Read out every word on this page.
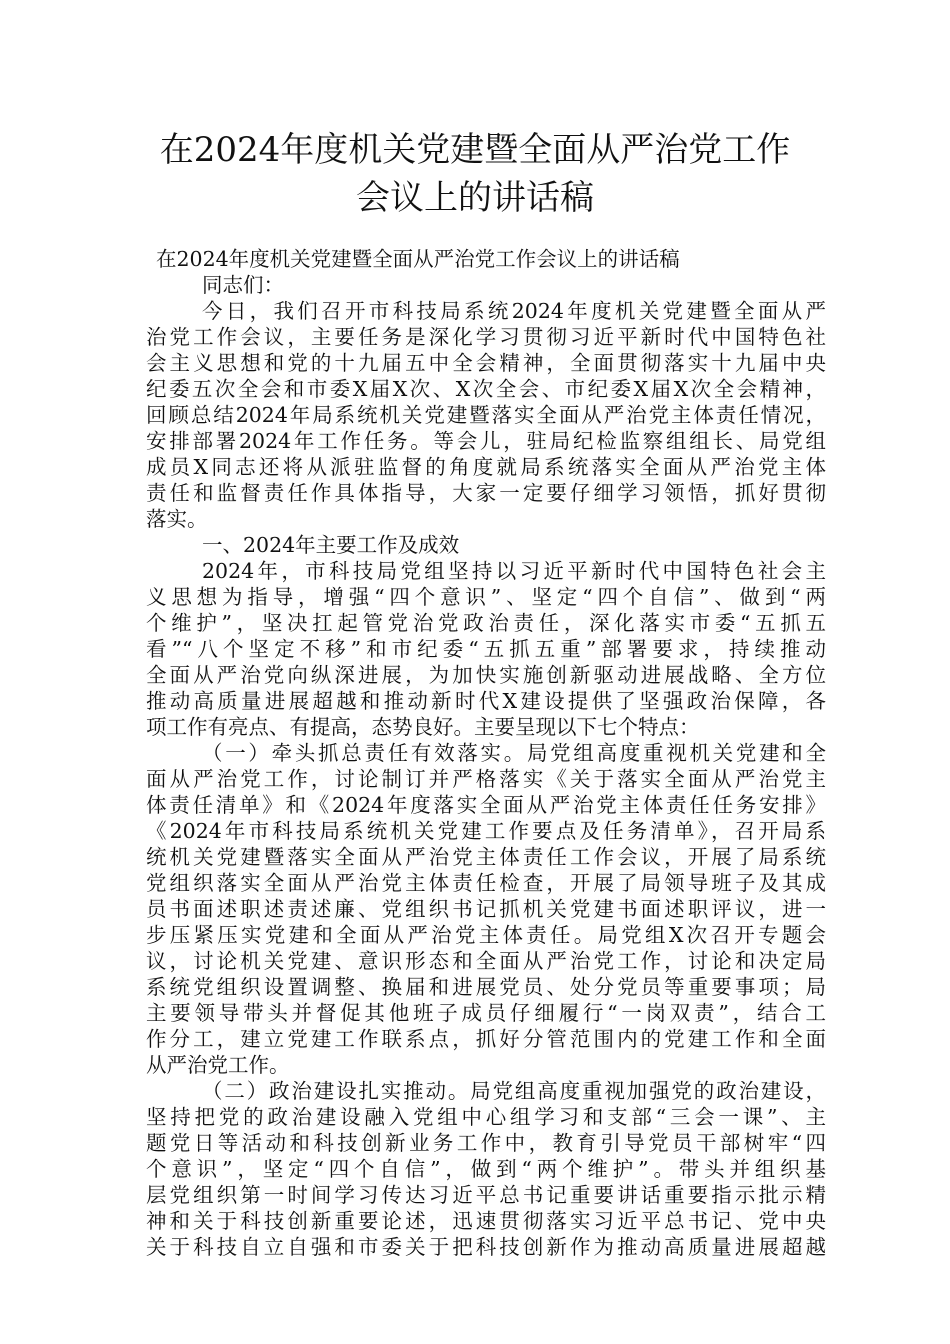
在2024年度机关党建暨全面从严治党工作
会议上的讲话稿
在2024年度机关党建暨全面从严治党工作会议上的讲话稿
同志们：
今日，我们召开市科技局系统2024年度机关党建暨全面从严
治党工作会议，主要任务是深化学习贯彻习近平新时代中国特色社
会主义思想和党的十九届五中全会精神，全面贯彻落实十九届中央
纪委五次全会和市委X届X次、X次全会、市纪委X届X次全会精神，
回顾总结2024年局系统机关党建暨落实全面从严治党主体责任情况，
安排部署2024年工作任务。等会儿，驻局纪检监察组组长、局党组
成员X同志还将从派驻监督的角度就局系统落实全面从严治党主体
责任和监督责任作具体指导，大家一定要仔细学习领悟，抓好贯彻
落实。
一、2024年主要工作及成效
2024年，市科技局党组坚持以习近平新时代中国特色社会主
义思想为指导，增强“四个意识”、坚定“四个自信”、做到“两
个维护”，坚决扛起管党治党政治责任，深化落实市委“五抓五
看”“八个坚定不移”和市纪委“五抓五重”部署要求，持续推动
全面从严治党向纵深进展，为加快实施创新驱动进展战略、全方位
推动高质量进展超越和推动新时代X建设提供了坚强政治保障，各
项工作有亮点、有提高，态势良好。主要呈现以下七个特点：
（一）牵头抓总责任有效落实。局党组高度重视机关党建和全
面从严治党工作，讨论制订并严格落实《关于落实全面从严治党主
体责任清单》和《2024年度落实全面从严治党主体责任任务安排》
《2024年市科技局系统机关党建工作要点及任务清单》，召开局系
统机关党建暨落实全面从严治党主体责任工作会议，开展了局系统
党组织落实全面从严治党主体责任检查，开展了局领导班子及其成
员书面述职述责述廉、党组织书记抓机关党建书面述职评议，进一
步压紧压实党建和全面从严治党主体责任。局党组X次召开专题会
议，讨论机关党建、意识形态和全面从严治党工作，讨论和决定局
系统党组织设置调整、换届和进展党员、处分党员等重要事项；局
主要领导带头并督促其他班子成员仔细履行“一岗双责”，结合工
作分工，建立党建工作联系点，抓好分管范围内的党建工作和全面
从严治党工作。
（二）政治建设扎实推动。局党组高度重视加强党的政治建设，
坚持把党的政治建设融入党组中心组学习和支部“三会一课”、主
题党日等活动和科技创新业务工作中，教育引导党员干部树牢“四
个意识”，坚定“四个自信”，做到“两个维护”。带头并组织基
层党组织第一时间学习传达习近平总书记重要讲话重要指示批示精
神和关于科技创新重要论述，迅速贯彻落实习近平总书记、党中央
关于科技自立自强和市委关于把科技创新作为推动高质量进展超越
